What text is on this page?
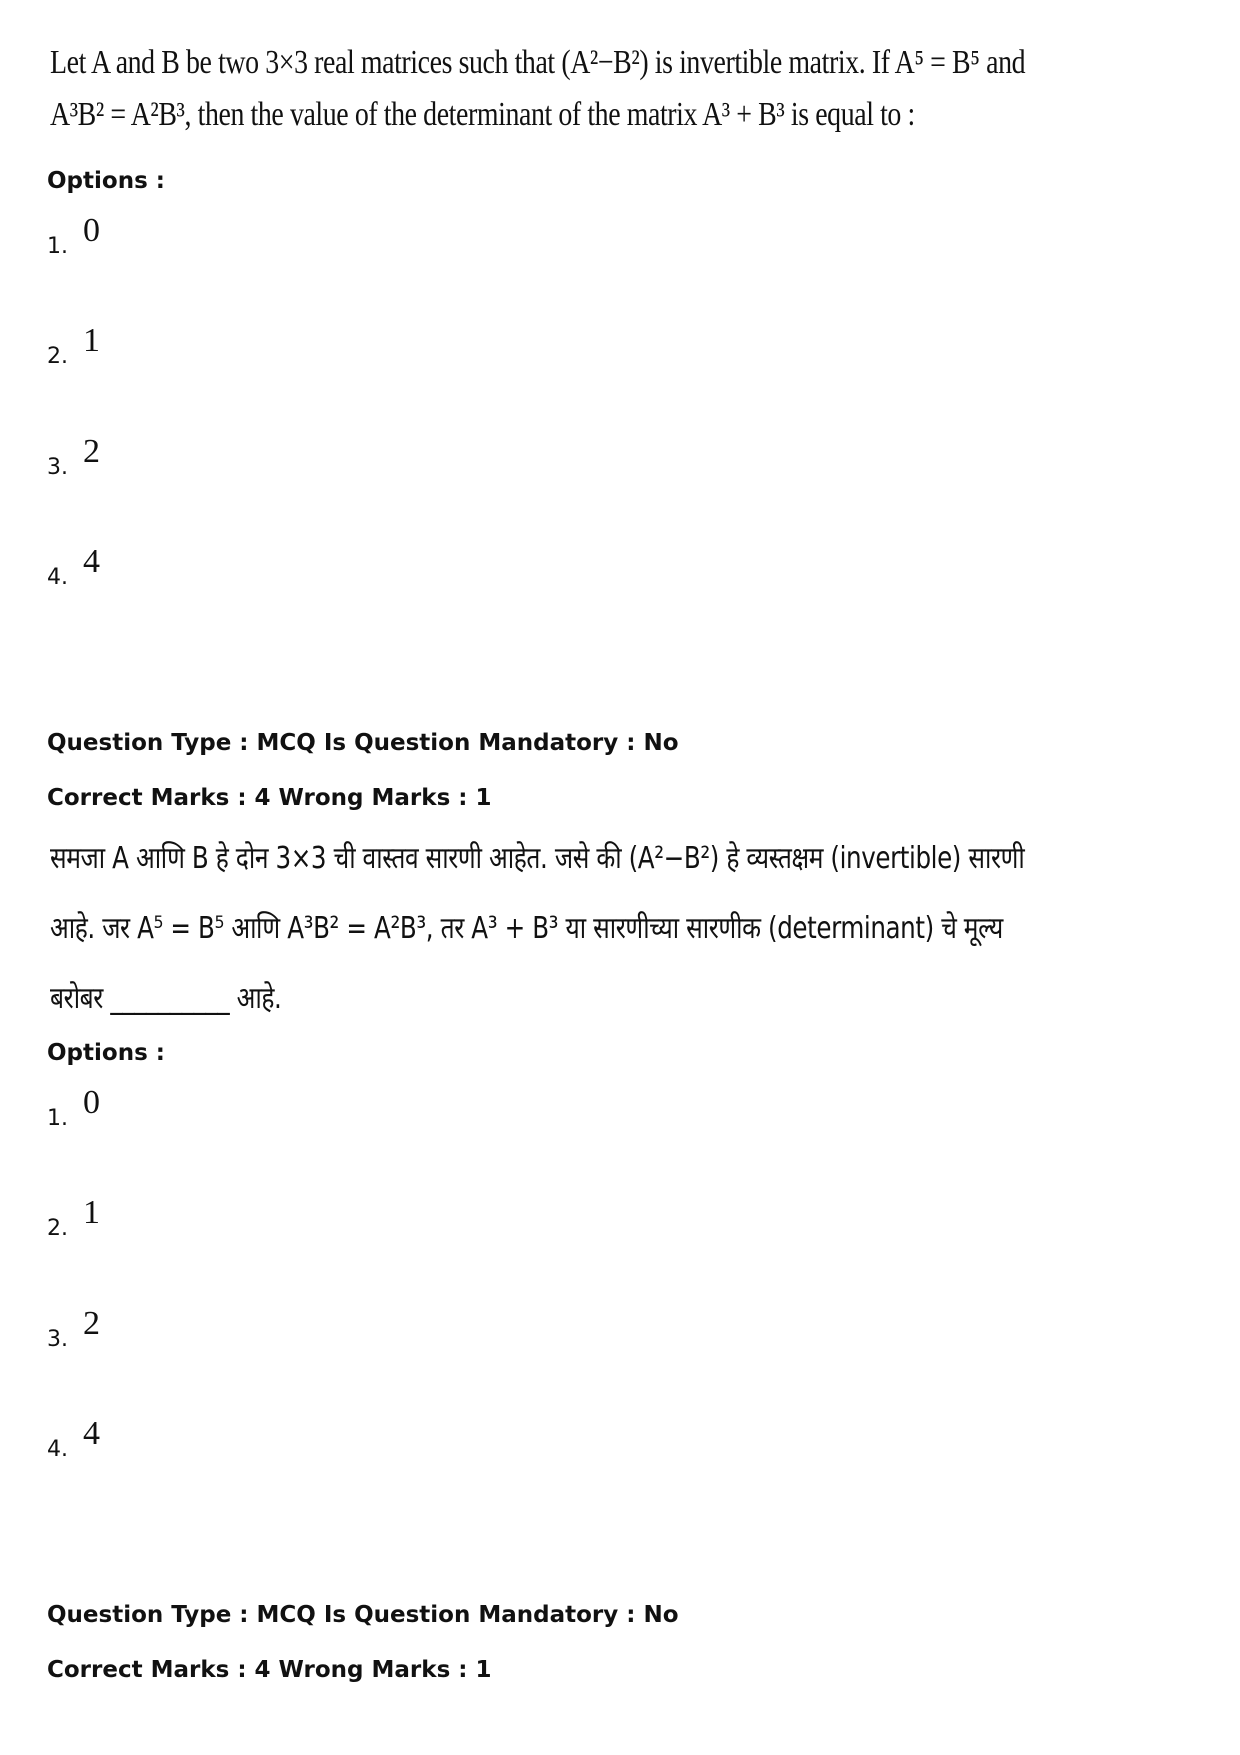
Let A and B be two 3×3 real matrices such that (A²−B²) is invertible matrix. If A⁵ = B⁵ and
A³B² = A²B³, then the value of the determinant of the matrix A³ + B³ is equal to :
Options :
1. 0
2. 1
3. 2
4. 4
Question Type : MCQ Is Question Mandatory : No
Correct Marks : 4 Wrong Marks : 1
समजा A आणि B हे दोन 3×3 ची वास्तव सारणी आहेत. जसे की (A²−B²) हे व्यस्तक्षम (invertible) सारणी
आहे. जर A⁵ = B⁵ आणि A³B² = A²B³, तर A³ + B³ या सारणीच्या सारणीक (determinant) चे मूल्य
बरोबर __________ आहे.
Options :
1. 0
2. 1
3. 2
4. 4
Question Type : MCQ Is Question Mandatory : No
Correct Marks : 4 Wrong Marks : 1
